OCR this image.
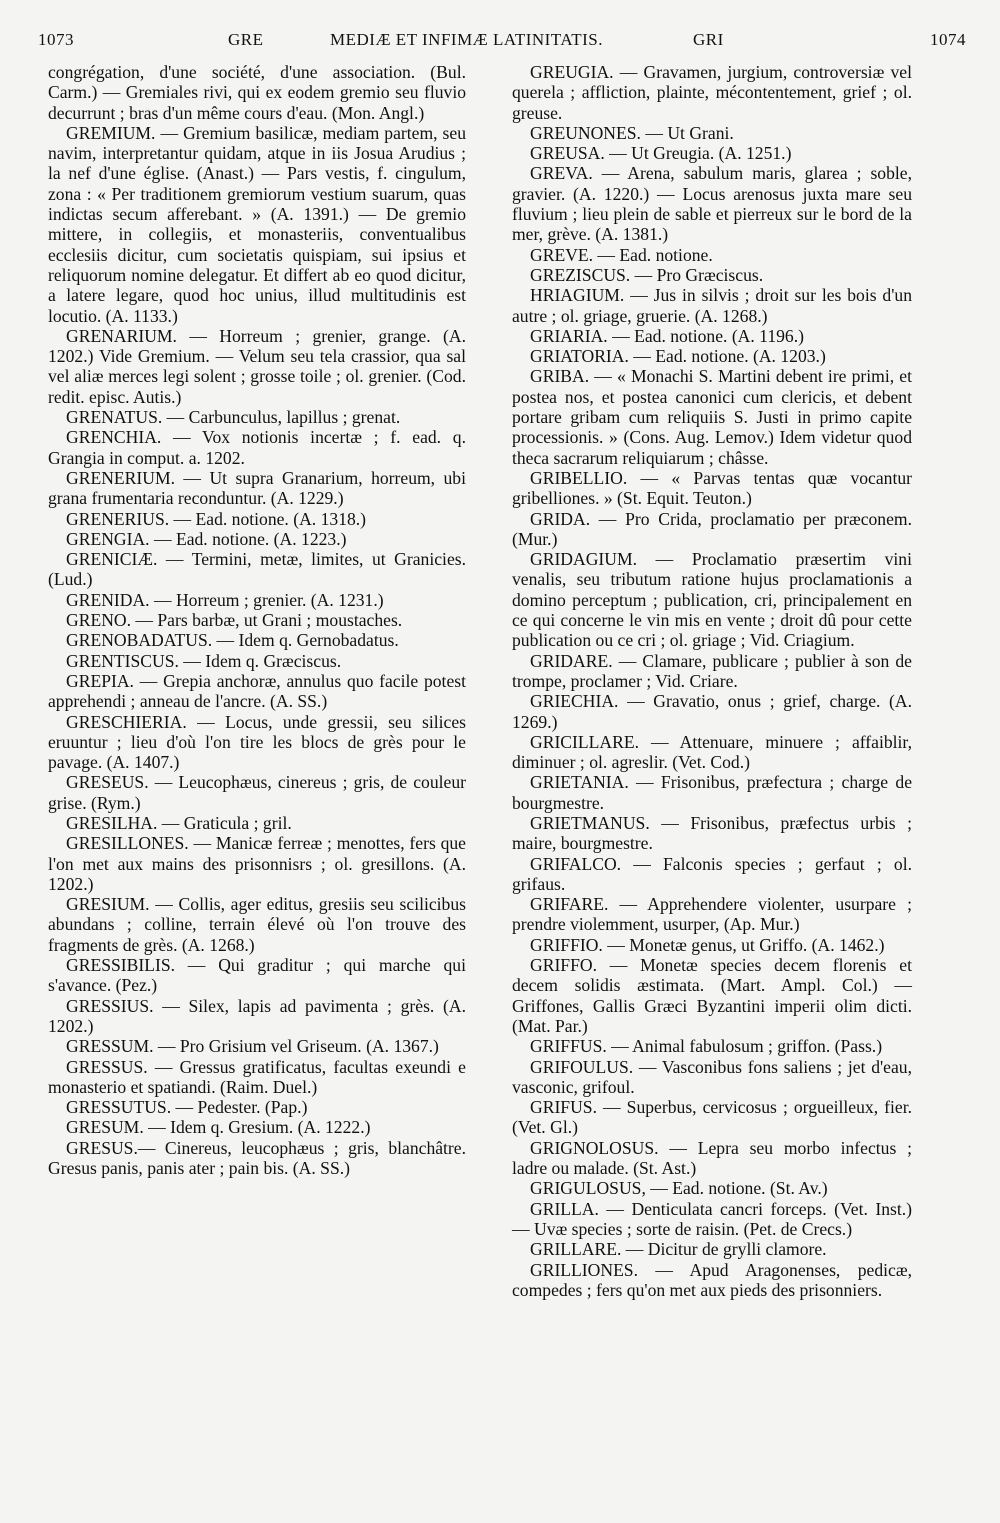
1073	GRE	MEDIÆ ET INFIMÆ LATINITATIS.	GRI	1074

congrégation, d'une société, d'une association. (Bul. Carm.) — Gremiales rivi, qui ex eodem gremio seu fluvio decurrunt ; bras d'un même cours d'eau. (Mon. Angl.)

GREMIUM. — Gremium basilicæ, mediam partem, seu navim, interpretantur quidam, atque in iis Josua Arudius ; la nef d'une église. (Anast.) — Pars vestis, f. cingulum, zona : « Per traditionem gremiorum vestium suarum, quas indictas secum afferebant. » (A. 1391.) — De gremio mittere, in collegiis, et monasteriis, conventualibus ecclesiis dicitur, cum societatis quispiam, sui ipsius et reliquorum nomine delegatur. Et differt ab eo quod dicitur, a latere legare, quod hoc unius, illud multitudinis est locutio. (A. 1133.)

GRENARIUM. — Horreum ; grenier, grange. (A. 1202.) Vide Gremium. — Velum seu tela crassior, qua sal vel aliæ merces legi solent ; grosse toile ; ol. grenier. (Cod. redit. episc. Autis.)

GRENATUS. — Carbunculus, lapillus ; grenat.

GRENCHIA. — Vox notionis incertæ ; f. ead. q. Grangia in comput. a. 1202.

GRENERIUM. — Ut supra Granarium, horreum, ubi grana frumentaria reconduntur. (A. 1229.)

GRENERIUS. — Ead. notione. (A. 1318.)

GRENGIA. — Ead. notione. (A. 1223.)

GRENICIÆ. — Termini, metæ, limites, ut Granicies. (Lud.)

GRENIDA. — Horreum ; grenier. (A. 1231.)

GRENO. — Pars barbæ, ut Grani ; moustaches.

GRENOBADATUS. — Idem q. Gernobadatus.

GRENTISCUS. — Idem q. Græciscus.

GREPIA. — Grepia anchoræ, annulus quo facile potest apprehendi ; anneau de l'ancre. (A. SS.)

GRESCHIERIA. — Locus, unde gressii, seu silices eruuntur ; lieu d'où l'on tire les blocs de grès pour le pavage. (A. 1407.)

GRESEUS. — Leucophæus, cinereus ; gris, de couleur grise. (Rym.)

GRESILHA. — Graticula ; gril.

GRESILLONES. — Manicæ ferreæ ; menottes, fers que l'on met aux mains des prisonnisrs ; ol. gresillons. (A. 1202.)

GRESIUM. — Collis, ager editus, gresiis seu scilicibus abundans ; colline, terrain élevé où l'on trouve des fragments de grès. (A. 1268.)

GRESSIBILIS. — Qui graditur ; qui marche qui s'avance. (Pez.)

GRESSIUS. — Silex, lapis ad pavimenta ; grès. (A. 1202.)

GRESSUM. — Pro Grisium vel Griseum. (A. 1367.)

GRESSUS. — Gressus gratificatus, facultas exeundi e monasterio et spatiandi. (Raim. Duel.)

GRESSUTUS. — Pedester. (Pap.)

GRESUM. — Idem q. Gresium. (A. 1222.)

GRESUS.— Cinereus, leucophæus ; gris, blanchâtre. Gresus panis, panis ater ; pain bis. (A. SS.)

GREUGIA. — Gravamen, jurgium, controversiæ vel querela ; affliction, plainte, mécontentement, grief ; ol. greuse.

GREUNONES. — Ut Grani.

GREUSA. — Ut Greugia. (A. 1251.)

GREVA. — Arena, sabulum maris, glarea ; soble, gravier. (A. 1220.) — Locus arenosus juxta mare seu fluvium ; lieu plein de sable et pierreux sur le bord de la mer, grève. (A. 1381.)

GREVE. — Ead. notione.

GREZISCUS. — Pro Græciscus.

HRIAGIUM. — Jus in silvis ; droit sur les bois d'un autre ; ol. griage, gruerie. (A. 1268.)

GRIARIA. — Ead. notione. (A. 1196.)

GRIATORIA. — Ead. notione. (A. 1203.)

GRIBA. — « Monachi S. Martini debent ire primi, et postea nos, et postea canonici cum clericis, et debent portare gribam cum reliquiis S. Justi in primo capite processionis. » (Cons. Aug. Lemov.) Idem videtur quod theca sacrarum reliquiarum ; châsse.

GRIBELLIO. — « Parvas tentas quæ vocantur gribelliones. » (St. Equit. Teuton.)

GRIDA. — Pro Crida, proclamatio per præconem. (Mur.)

GRIDAGIUM. — Proclamatio præsertim vini venalis, seu tributum ratione hujus proclamationis a domino perceptum ; publication, cri, principalement en ce qui concerne le vin mis en vente ; droit dû pour cette publication ou ce cri ; ol. griage ; Vid. Criagium.

GRIDARE. — Clamare, publicare ; publier à son de trompe, proclamer ; Vid. Criare.

GRIECHIA. — Gravatio, onus ; grief, charge. (A. 1269.)

GRICILLARE. — Attenuare, minuere ; affaiblir, diminuer ; ol. agreslir. (Vet. Cod.)

GRIETANIA. — Frisonibus, præfectura ; charge de bourgmestre.

GRIETMANUS. — Frisonibus, præfectus urbis ; maire, bourgmestre.

GRIFALCO. — Falconis species ; gerfaut ; ol. grifaus.

GRIFARE. — Apprehendere violenter, usurpare ; prendre violemment, usurper, (Ap. Mur.)

GRIFFIO. — Monetæ genus, ut Griffo. (A. 1462.)

GRIFFO. — Monetæ species decem florenis et decem solidis æstimata. (Mart. Ampl. Col.) — Griffones, Gallis Græci Byzantini imperii olim dicti. (Mat. Par.)

GRIFFUS. — Animal fabulosum ; griffon. (Pass.)

GRIFOULUS. — Vasconibus fons saliens ; jet d'eau, vasconic, grifoul.

GRIFUS. — Superbus, cervicosus ; orgueilleux, fier. (Vet. Gl.)

GRIGNOLOSUS. — Lepra seu morbo infectus ; ladre ou malade. (St. Ast.)

GRIGULOSUS, — Ead. notione. (St. Av.)

GRILLA. — Denticulata cancri forceps. (Vet. Inst.) — Uvæ species ; sorte de raisin. (Pet. de Crecs.)

GRILLARE. — Dicitur de grylli clamore.

GRILLIONES. — Apud Aragonenses, pedicæ, compedes ; fers qu'on met aux pieds des prisonniers.
